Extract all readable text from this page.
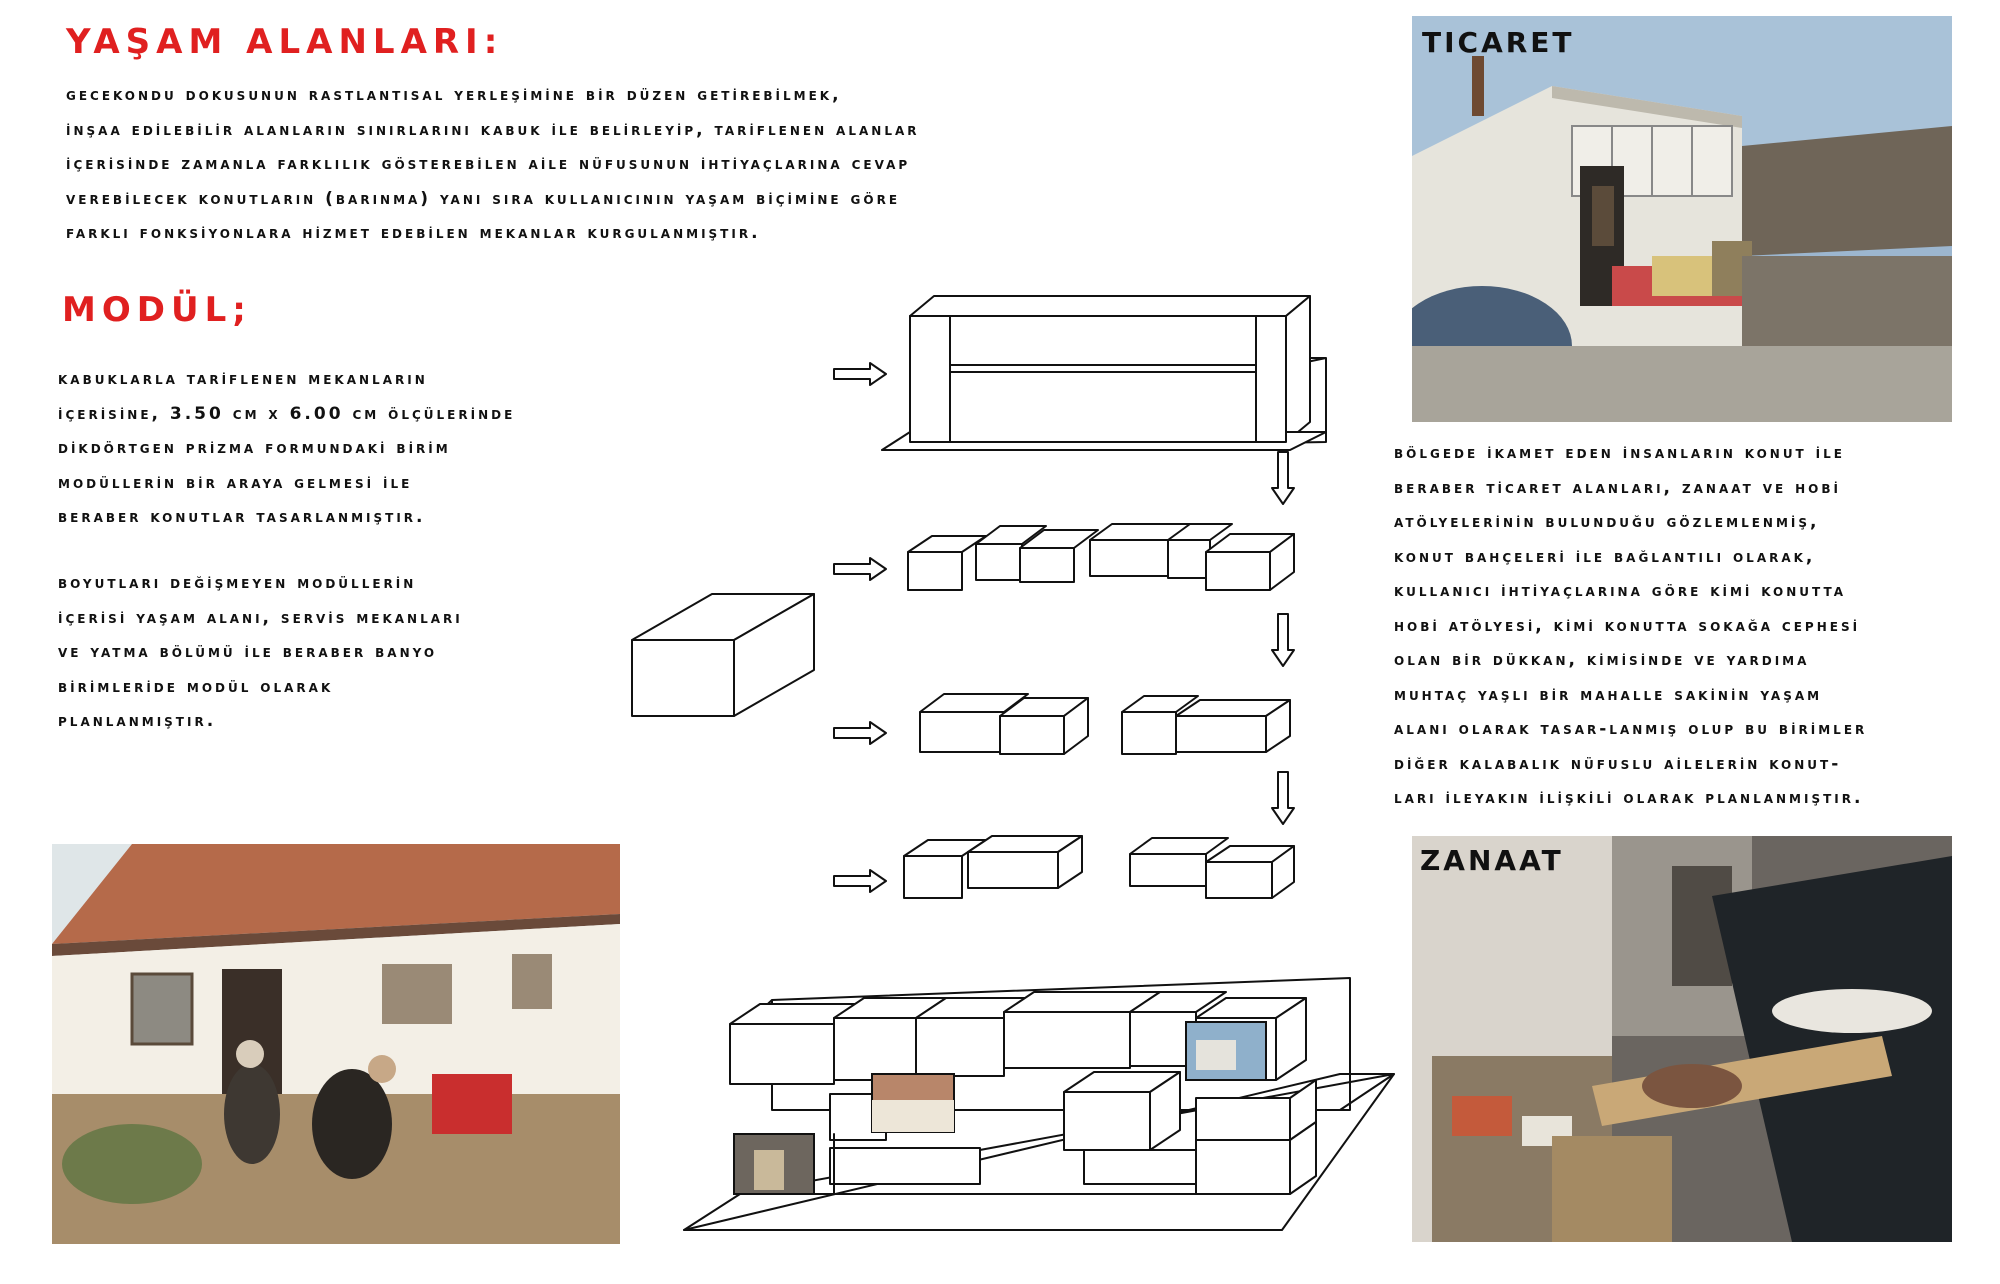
YAŞAM ALANLARI:
MODÜL;
gecekondu dokusunun rastlantisal yerleşi̇mi̇ne bi̇r düzen geti̇rebi̇lmek,
i̇nşaa edi̇lebi̇li̇r alanlarin sinirlarini kabuk i̇le beli̇rleyi̇p, tari̇flenen alanlar
i̇çeri̇si̇nde zamanla farklilik gösterebi̇len ai̇le nüfusunun i̇hti̇yaçlarina cevap
verebi̇lecek konutlarin (barinma) yani sira kullanicinin yaşam bi̇çi̇mi̇ne göre
farkli fonksi̇yonlara hi̇zmet edebi̇len mekanlar kurgulanmiştir.
kabuklarla tari̇flenen mekanlarin
i̇çeri̇si̇ne, 3.50 cm x 6.00 cm ölçüleri̇nde
di̇kdörtgen pri̇zma formundaki̇ bi̇ri̇m
modülleri̇n bi̇r araya gelmesi̇ i̇le
beraber konutlar tasarlanmiştir.
boyutlari deği̇şmeyen modülleri̇n
i̇çeri̇si̇ yaşam alani, servi̇s mekanlari
ve yatma bölümü i̇le beraber banyo
bi̇ri̇mleri̇de modül olarak
planlanmiştir.
bölgede i̇kamet eden i̇nsanlarin konut i̇le
beraber ti̇caret alanlari, zanaat ve hobi̇
atölyeleri̇ni̇n bulunduğu gözlemlenmi̇ş,
konut bahçeleri̇ i̇le bağlantili olarak,
kullanici i̇hti̇yaçlarina göre ki̇mi̇ konutta
hobi̇ atölyesi̇, ki̇mi̇ konutta sokağa cephesi̇
olan bi̇r dükkan, ki̇mi̇si̇nde ve yardima
muhtaç yaşli bi̇r mahalle saki̇ni̇n yaşam
alani olarak tasar-lanmiş olup bu bi̇ri̇mler
di̇ğer kalabalik nüfuslu ai̇leleri̇n konut-
lari i̇leyakin i̇li̇şki̇li̇ olarak planlanmiştir.
TICARET
ZANAAT
